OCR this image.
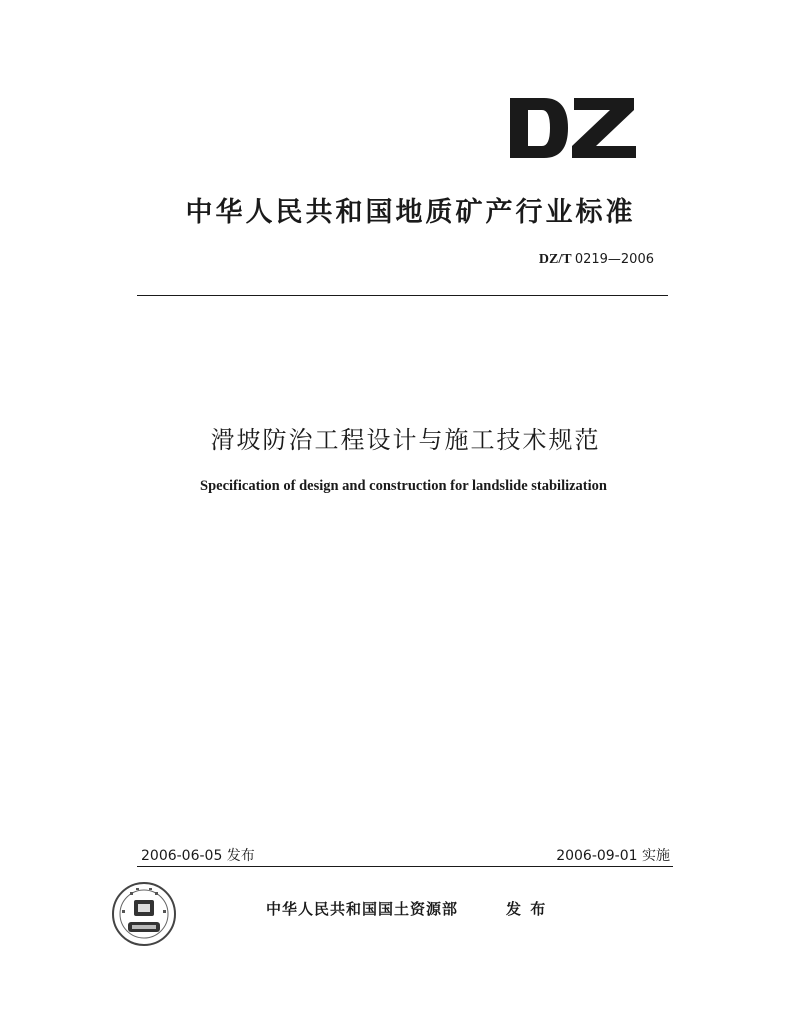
中华人民共和国地质矿产行业标准
DZ/T 0219—2006
滑坡防治工程设计与施工技术规范
Specification of design and construction for landslide stabilization
2006-06-05 发布	2006-09-01 实施
中华人民共和国国土资源部	发 布
